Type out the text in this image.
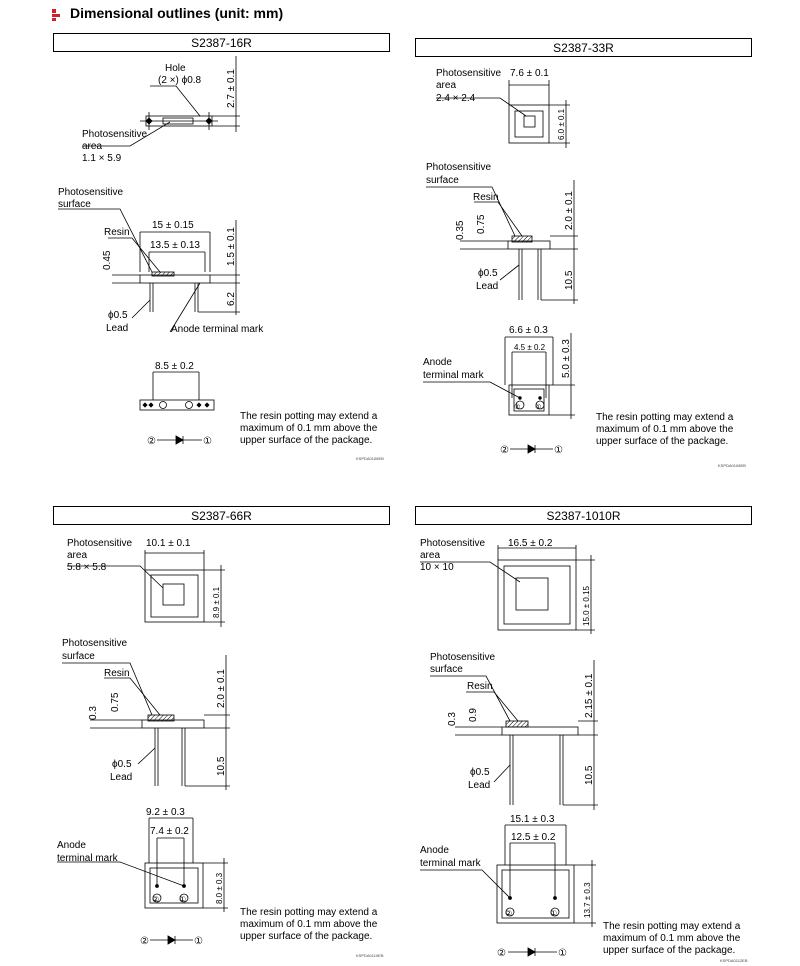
Dimensional outlines (unit: mm)
S2387-16R	S2387-33R
S2387-66R	S2387-1010R
Hole
(2 ×) ϕ0.8 2.7 ± 0.1
Photosensitive
area
1.1 × 5.9
Photosensitive
surface
15 ± 0.15
Resin
13.5 ± 0.13
0.45	1.5 ± 0.1
6.2
ϕ0.5
Lead	Anode terminal mark
8.5 ± 0.2
②	①
Photosensitive 7.6 ± 0.1
area
2.4 × 2.4
6.0 ± 0.1
Photosensitive
surface
Resin
0.35 0.75	2.0 ± 0.1
ϕ0.5
Lead	10.5
6.6 ± 0.3
4.5 ± 0.2 5.0 ± 0.3
Anode
terminal mark
② ①
②	①
Photosensitive 10.1 ± 0.1
area
5.8 × 5.8
8.9 ± 0.1
Photosensitive
surface
Resin
0.3
0.75	2.0 ± 0.1
ϕ0.5
Lead
10.5
9.2 ± 0.3
7.4 ± 0.2
8.0 ± 0.3
Anode
terminal mark
② ①
②	①
Photosensitive 16.5 ± 0.2
area
10 × 10
15.0 ± 0.15
Photosensitive
surface
Resin
0.3 0.9	2.15 ± 0.1
ϕ0.5
Lead
10.5
15.1 ± 0.3
12.5 ± 0.2
13.7 ± 0.3
Anode
terminal mark
②	①
②	①
The resin potting may extend a maximum of 0.1 mm above the upper surface of the package.
The resin potting may extend a maximum of 0.1 mm above the upper surface of the package.
The resin potting may extend a maximum of 0.1 mm above the upper surface of the package.
The resin potting may extend a maximum of 0.1 mm above the upper surface of the package.
KSPDA0106EB
KSPDA0108EB
KSPDA0110EB
KSPDA0112EB
